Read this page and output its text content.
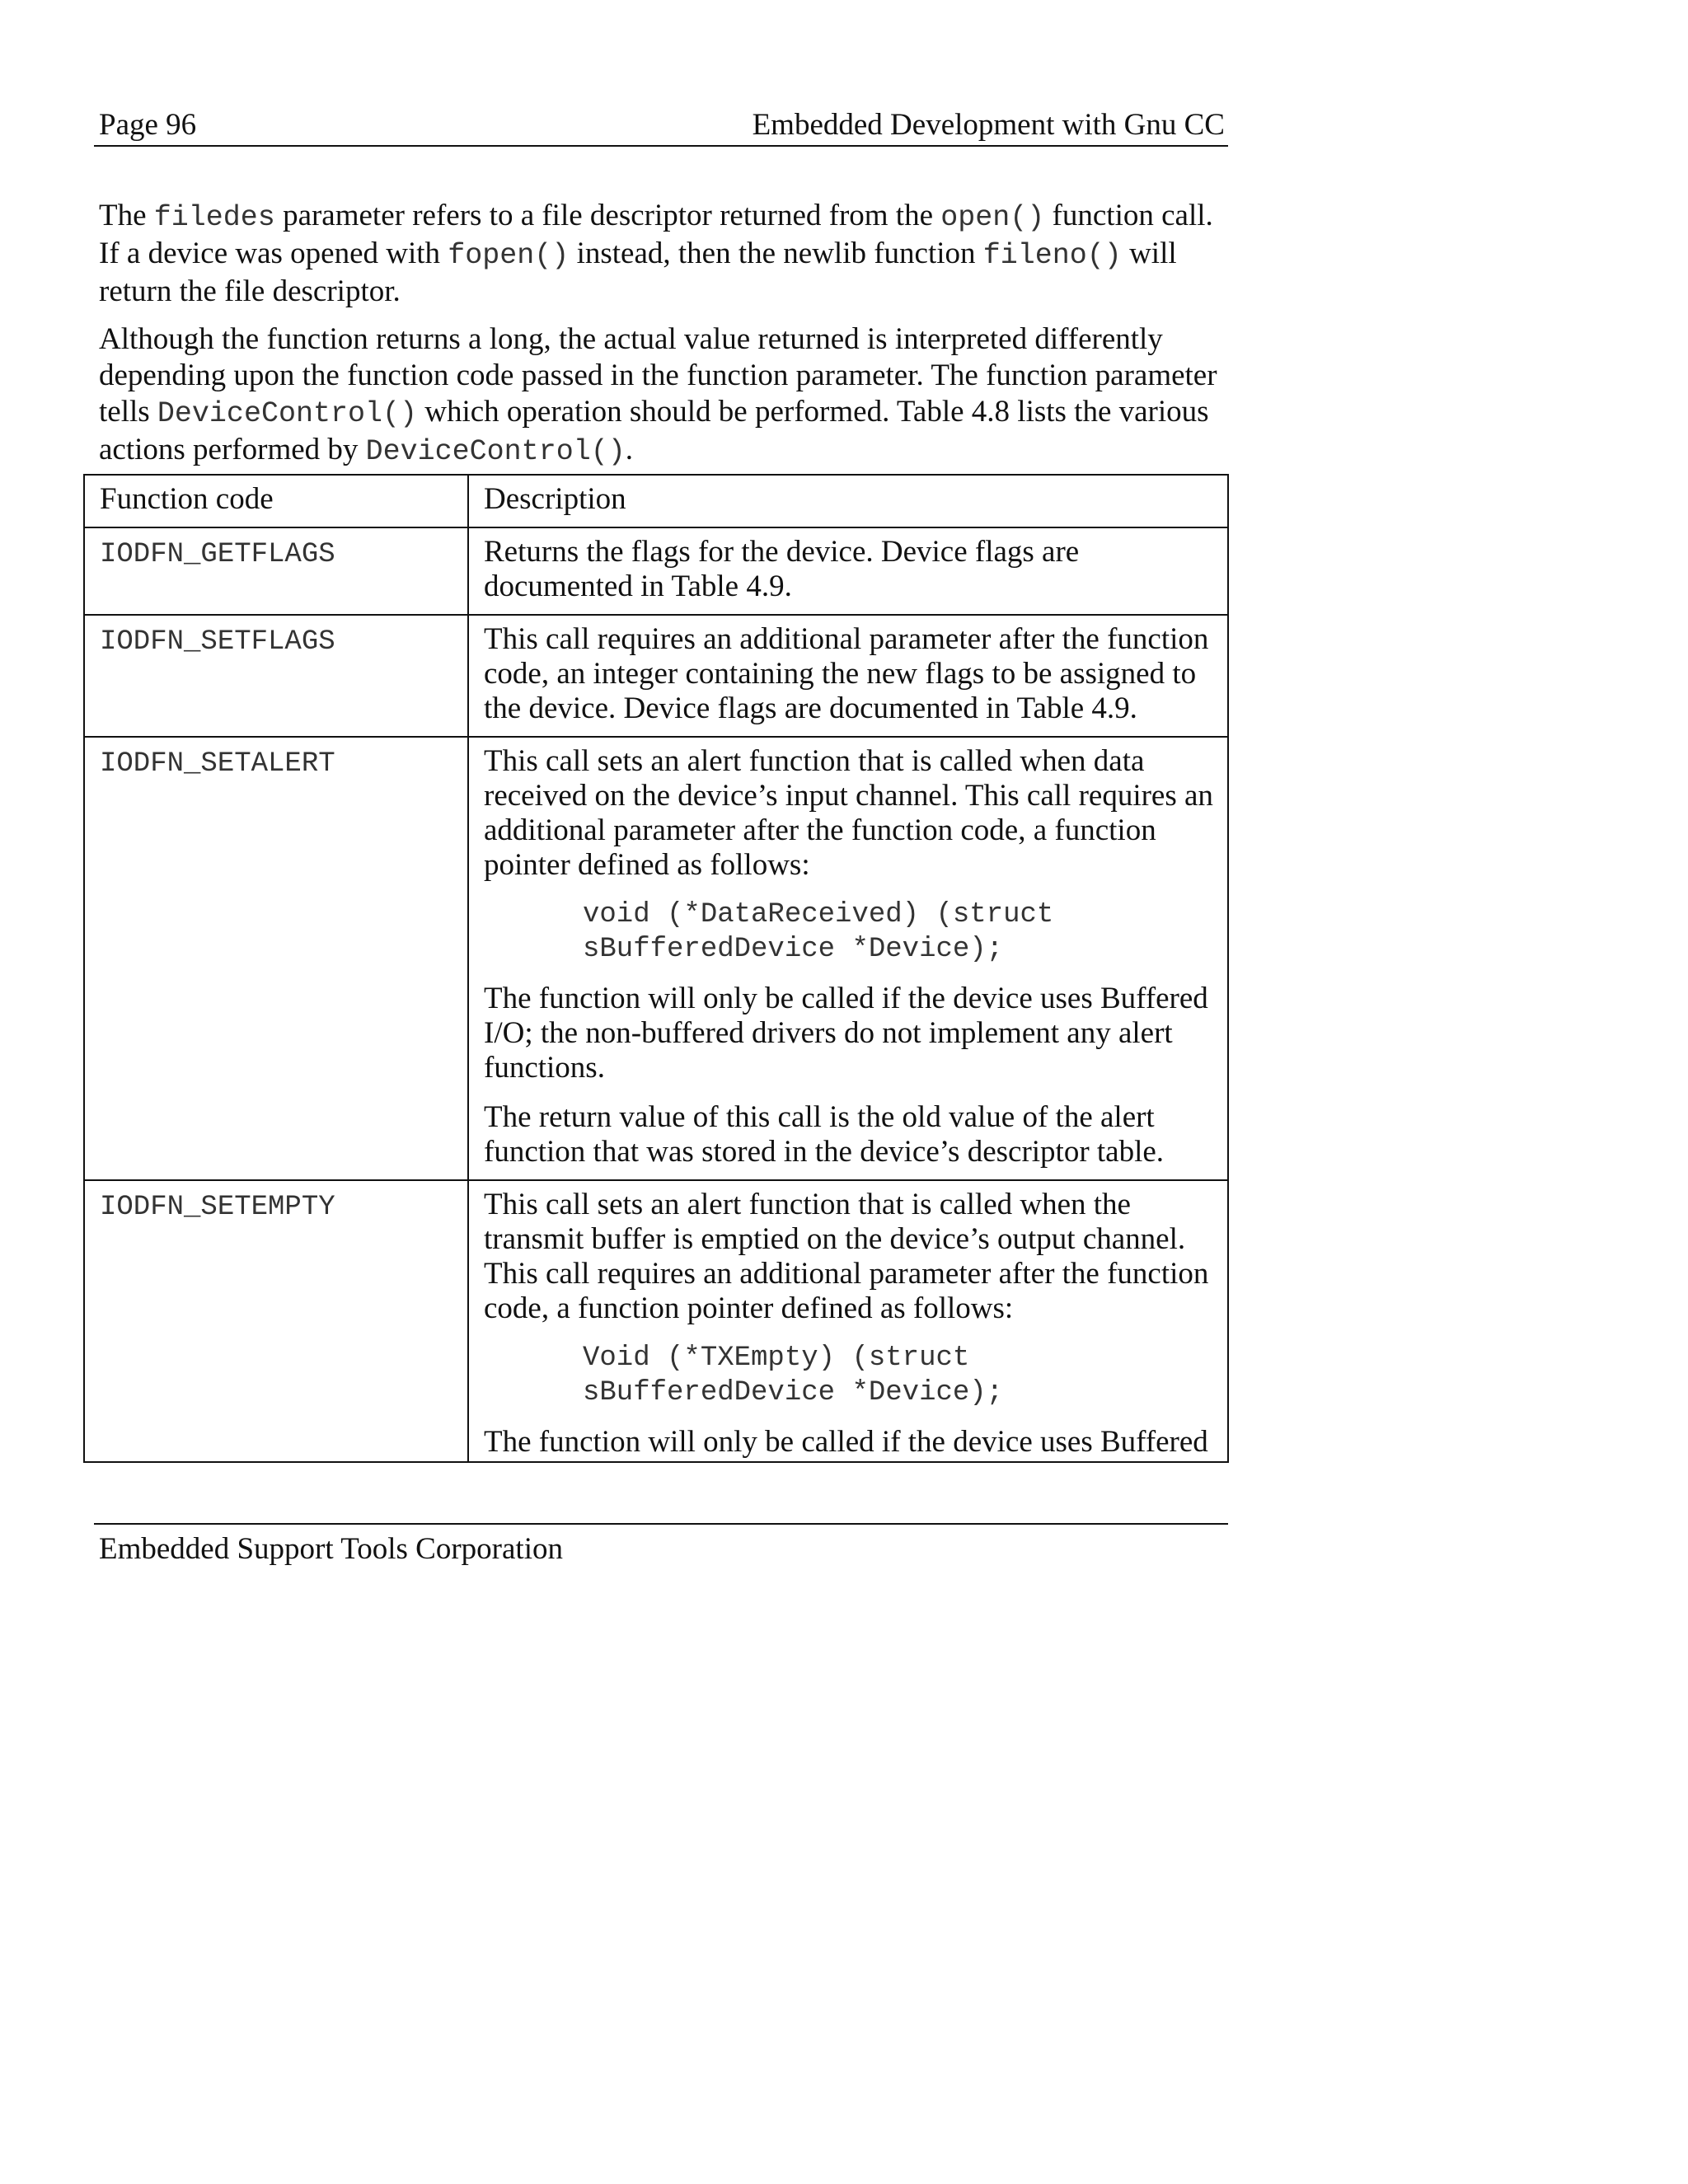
Page 96	Embedded Development with Gnu CC
The filedes parameter refers to a file descriptor returned from the open() function call. If a device was opened with fopen() instead, then the newlib function fileno() will return the file descriptor.
Although the function returns a long, the actual value returned is interpreted differently depending upon the function code passed in the function parameter. The function parameter tells DeviceControl() which operation should be performed. Table 4.8 lists the various actions performed by DeviceControl().
Function code	Description
IODFN_GETFLAGS	Returns the flags for the device. Device flags are documented in Table 4.9.

IODFN_SETFLAGS	This call requires an additional parameter after the function code, an integer containing the new flags to be assigned to the device. Device flags are documented in Table 4.9.

IODFN_SETALERT	This call sets an alert function that is called when data received on the device’s input channel. This call requires an additional parameter after the function code, a function pointer defined as follows:

void (*DataReceived) (struct
sBufferedDevice *Device);

The function will only be called if the device uses Buffered I/O; the non-buffered drivers do not implement any alert functions.

The return value of this call is the old value of the alert function that was stored in the device’s descriptor table.

IODFN_SETEMPTY	This call sets an alert function that is called when the transmit buffer is emptied on the device’s output channel. This call requires an additional parameter after the function code, a function pointer defined as follows:

Void (*TXEmpty) (struct
sBufferedDevice *Device);

The function will only be called if the device uses Buffered

Embedded Support Tools Corporation
